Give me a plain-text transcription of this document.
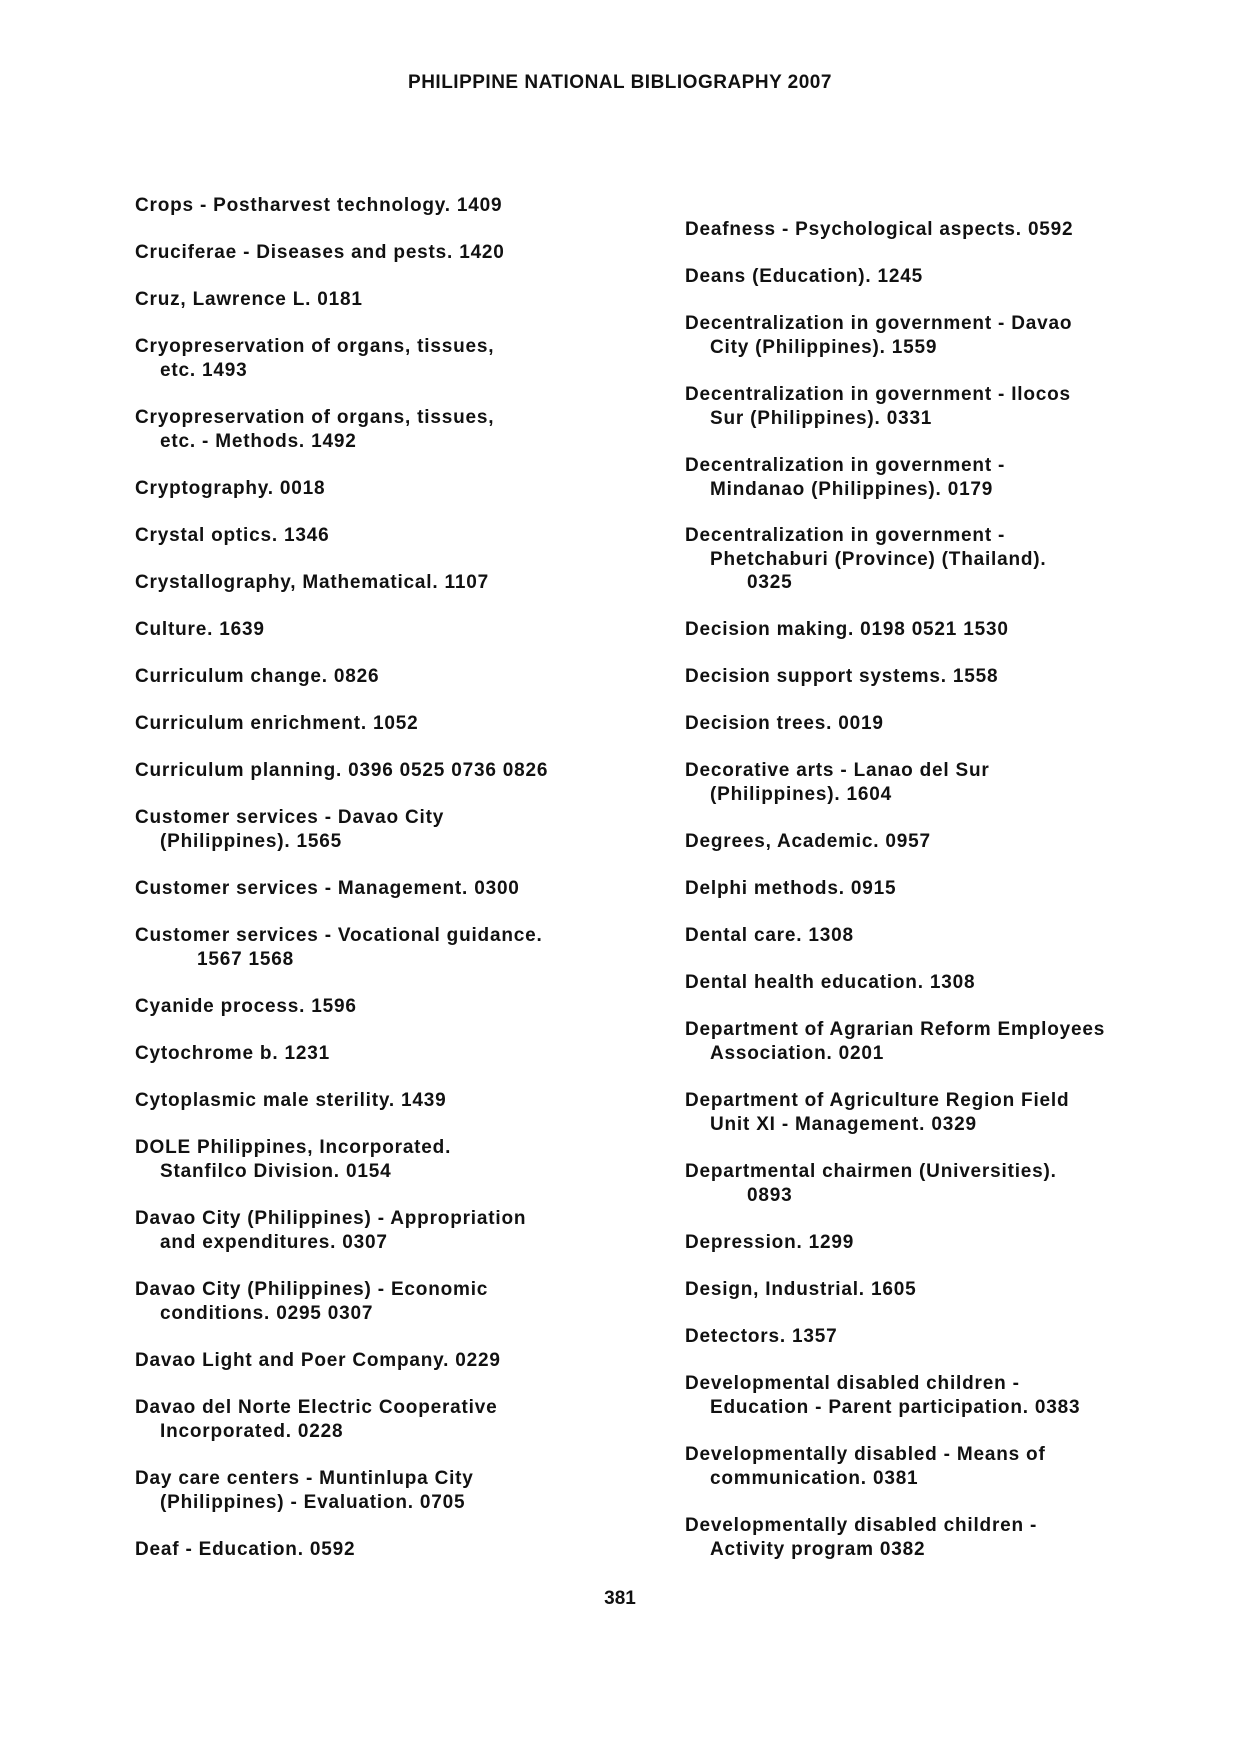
PHILIPPINE NATIONAL BIBLIOGRAPHY 2007
Crops - Postharvest technology. 1409
Cruciferae - Diseases and pests. 1420
Cruz, Lawrence L. 0181
Cryopreservation of organs, tissues,
etc. 1493
Cryopreservation of organs, tissues,
etc. - Methods. 1492
Cryptography. 0018
Crystal optics. 1346
Crystallography, Mathematical. 1107
Culture. 1639
Curriculum change. 0826
Curriculum enrichment. 1052
Curriculum planning. 0396 0525 0736 0826
Customer services - Davao City
(Philippines). 1565
Customer services - Management. 0300
Customer services - Vocational guidance.
1567 1568
Cyanide process. 1596
Cytochrome b. 1231
Cytoplasmic male sterility. 1439
DOLE Philippines, Incorporated.
Stanfilco Division. 0154
Davao City (Philippines) - Appropriation
and expenditures. 0307
Davao City (Philippines) - Economic
conditions. 0295 0307
Davao Light and Poer Company. 0229
Davao del Norte Electric Cooperative
Incorporated. 0228
Day care centers - Muntinlupa City
(Philippines) - Evaluation. 0705
Deaf - Education. 0592
Deafness - Psychological aspects. 0592
Deans (Education). 1245
Decentralization in government - Davao
City (Philippines). 1559
Decentralization in government - Ilocos
Sur (Philippines). 0331
Decentralization in government -
Mindanao (Philippines). 0179
Decentralization in government -
Phetchaburi (Province) (Thailand).
0325
Decision making. 0198 0521 1530
Decision support systems. 1558
Decision trees. 0019
Decorative arts - Lanao del Sur
(Philippines). 1604
Degrees, Academic. 0957
Delphi methods. 0915
Dental care. 1308
Dental health education. 1308
Department of Agrarian Reform Employees
Association. 0201
Department of Agriculture Region Field
Unit XI - Management. 0329
Departmental chairmen (Universities).
0893
Depression. 1299
Design, Industrial. 1605
Detectors. 1357
Developmental disabled children -
Education - Parent participation. 0383
Developmentally disabled - Means of
communication. 0381
Developmentally disabled children -
Activity program 0382
381
